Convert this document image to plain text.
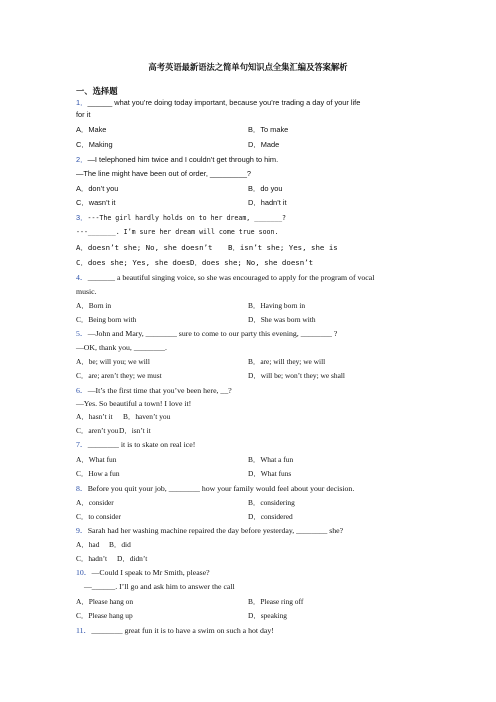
高考英语最新语法之简单句知识点全集汇编及答案解析
一、选择题
1．______ what you’re doing today important, because you’re trading a day of your life
for it
A．Make	B．To make
C．Making	D．Made
2．—I telephoned him twice and I couldn’t get through to him.
—The line might have been out of order, _________?
A．don’t you	B．do you
C．wasn’t it	D．hadn’t it
3．---The girl hardly holds on to her dream, _______?
---_______. I’m sure her dream will come true soon.
A．doesn’t she; No, she doesn’t B．isn’t she; Yes, she is
C．does she; Yes, she does D．does she; No, she doesn’t
4．_______ a beautiful singing voice, so she was encouraged to apply for the program of vocal
music.
A．Born in	B．Having born in
C．Being born with	D．She was born with
5．—John and Mary, ________ sure to come to our party this evening, ________ ?
—OK, thank you, ________.
A．be; will you; we will	B．are; will they; we will
C．are; aren’t they; we must	D．will be; won’t they; we shall
6．—It’s the first time that you’ve been here, __?
—Yes. So beautiful a town! I love it!
A．hasn’t it B．haven’t you
C．aren’t you D．isn’t it
7．________ it is to skate on real ice!
A．What fun	B．What a fun
C．How a fun	D．What funs
8．Before you quit your job, ________ how your family would feel about your decision.
A．consider	B．considering
C．to consider	D．considered
9．Sarah had her washing machine repaired the day before yesterday, ________ she?
A．had B．did
C．hadn’t D．didn’t
10．—Could I speak to Mr Smith, please?
—______. I’ll go and ask him to answer the call
A．Please hang on	B．Please ring off
C．Please hang up	D．speaking
11．________ great fun it is to have a swim on such a hot day!
